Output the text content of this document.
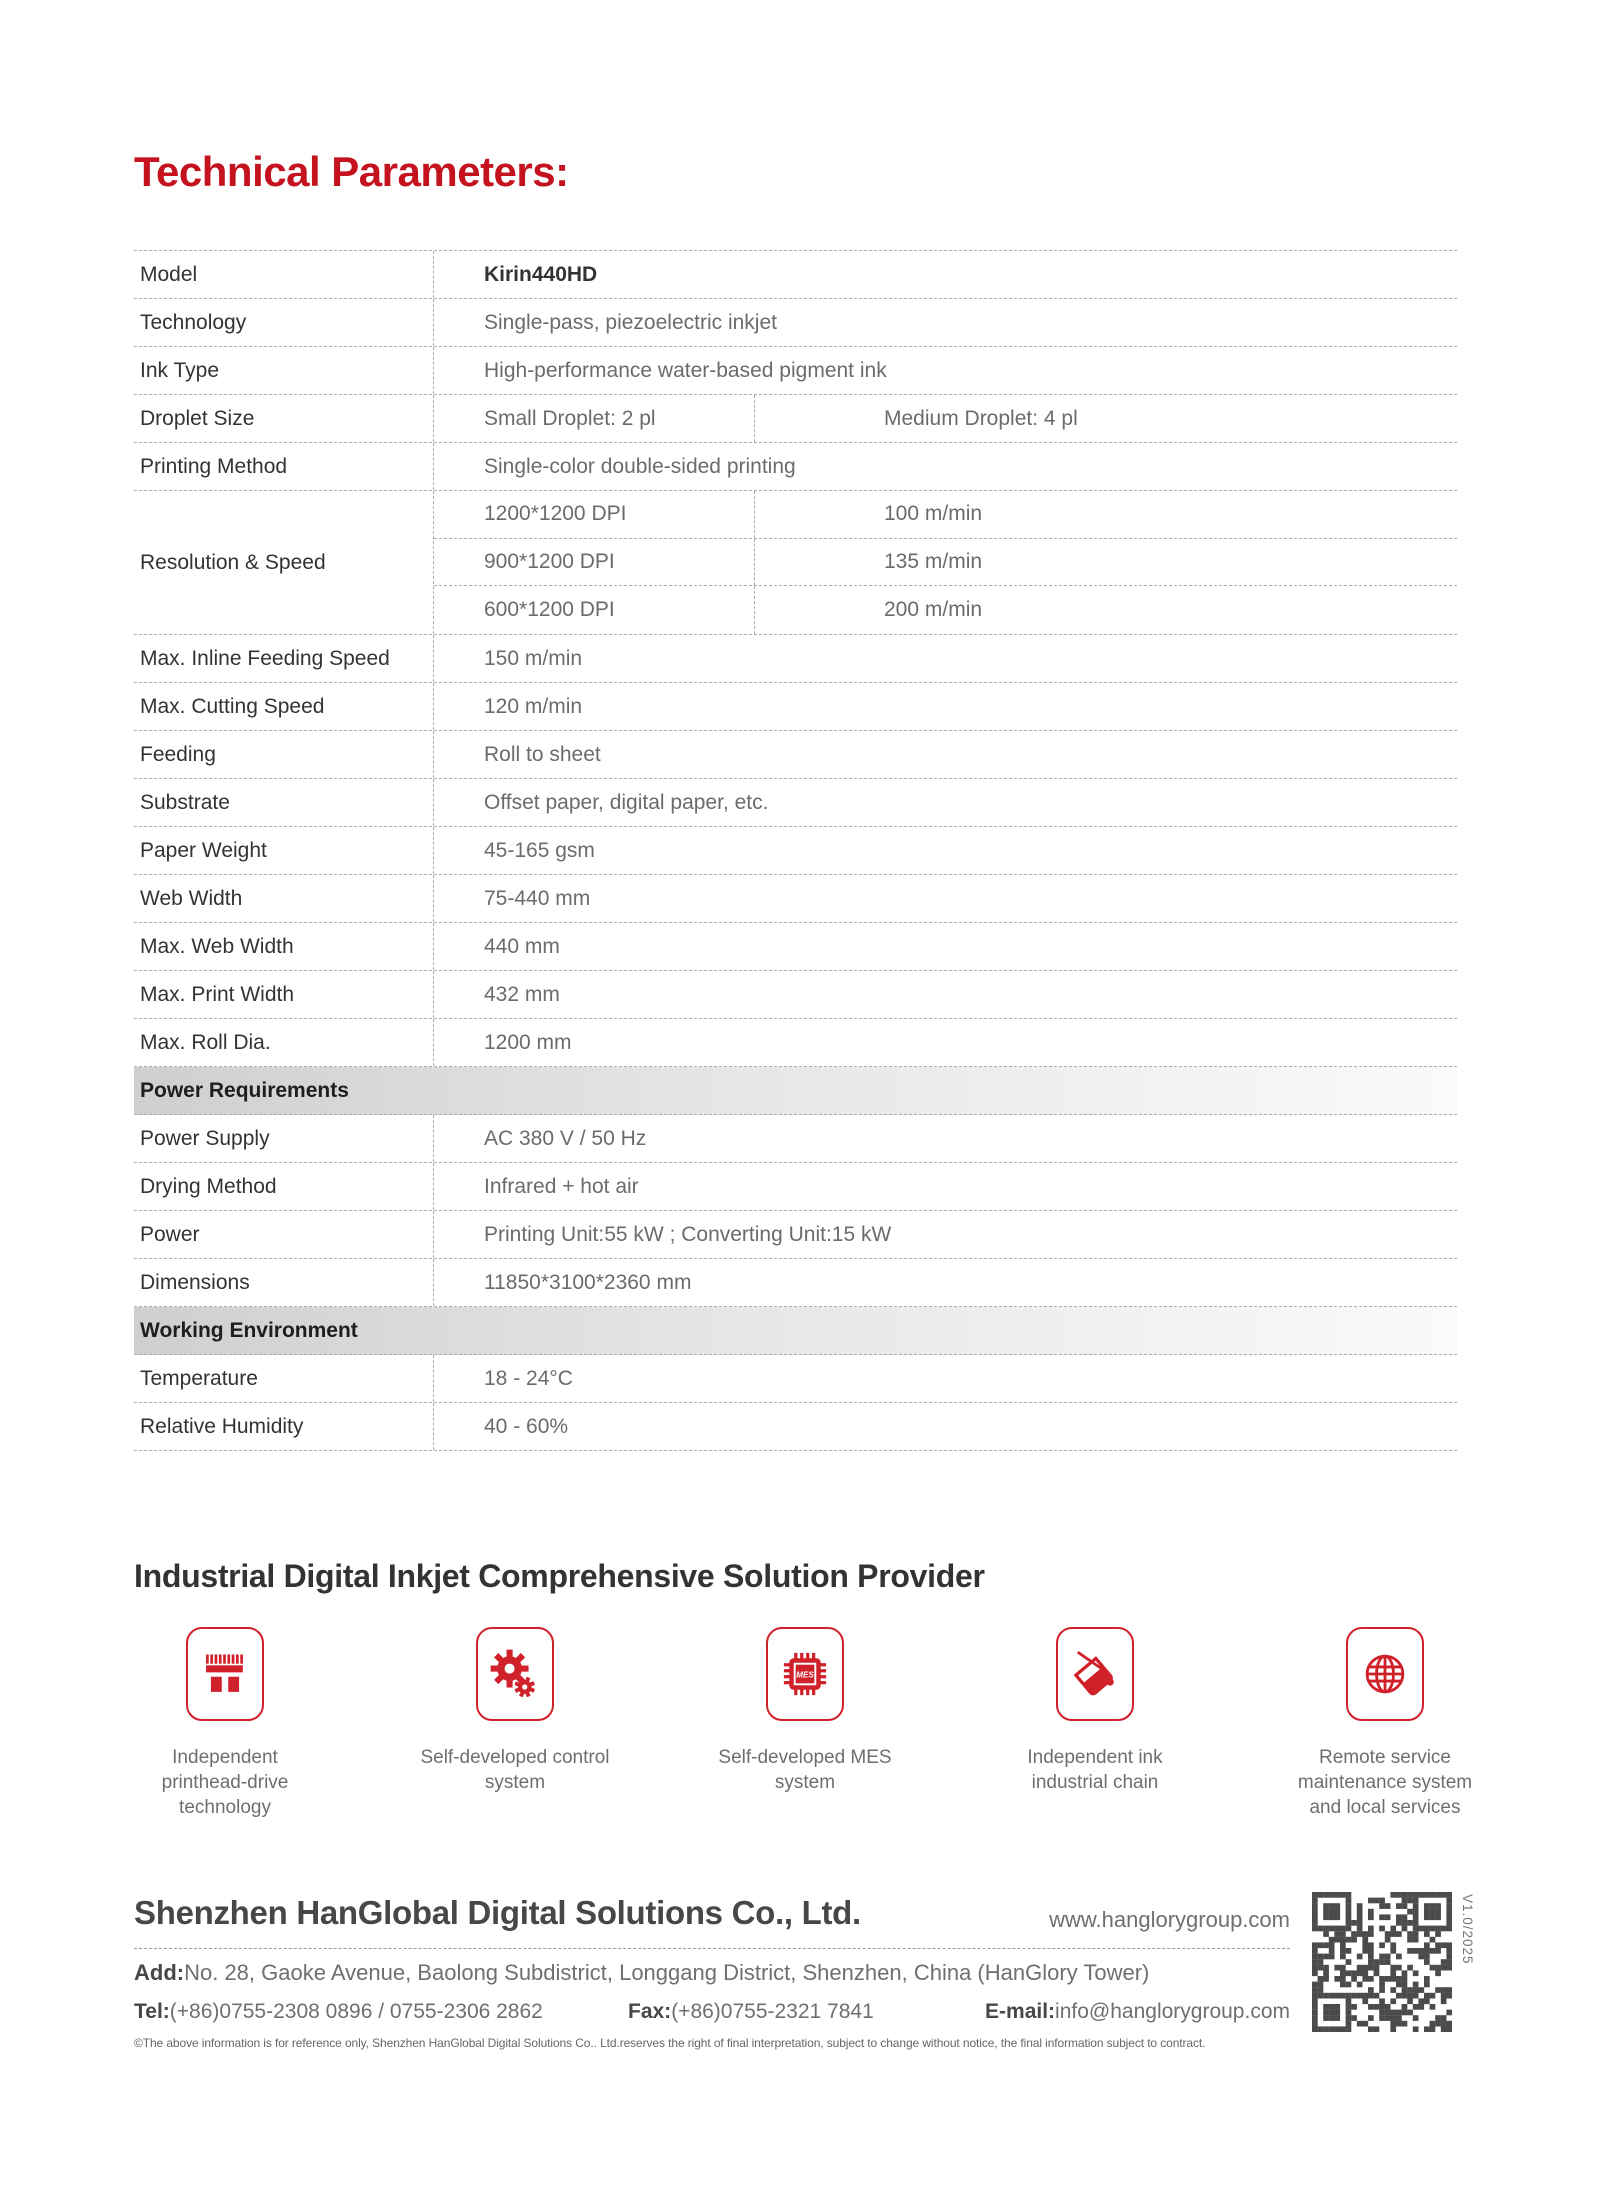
Technical Parameters:
Model	Kirin440HD
Technology	Single-pass, piezoelectric inkjet
Ink Type	High-performance water-based pigment ink
Droplet Size	Small Droplet: 2 pl	Medium Droplet: 4 pl
Printing Method	Single-color double-sided printing
Resolution & Speed
1200*1200 DPI	100 m/min
900*1200 DPI	135 m/min
600*1200 DPI	200 m/min
Max. Inline Feeding Speed	150 m/min
Max. Cutting Speed	120 m/min
Feeding	Roll to sheet
Substrate	Offset paper, digital paper, etc.
Paper Weight	45-165 gsm
Web Width	75-440 mm
Max. Web Width	440 mm
Max. Print Width	432 mm
Max. Roll Dia.	1200 mm
Power Requirements
Power Supply	AC 380 V / 50 Hz
Drying Method	Infrared + hot air
Power	Printing Unit:55 kW ; Converting Unit:15 kW
Dimensions	11850*3100*2360 mm
Working Environment
Temperature	18 - 24°C
Relative Humidity	40 - 60%
Industrial Digital Inkjet Comprehensive Solution Provider
Independent printhead-drive technology
Self-developed control system
MES
Self-developed MES system
Independent ink industrial chain
Remote service maintenance system and local services
Shenzhen HanGlobal Digital Solutions Co., Ltd.	www.hanglorygroup.com
Add:No. 28, Gaoke Avenue, Baolong Subdistrict, Longgang District, Shenzhen, China (HanGlory Tower)
Tel:(+86)0755-2308 0896 / 0755-2306 2862	Fax:(+86)0755-2321 7841	E-mail:info@hanglorygroup.com
©The above information is for reference only, Shenzhen HanGlobal Digital Solutions Co.. Ltd.reserves the right of final interpretation, subject to change without notice, the final information subject to contract.
V1.0/2025
